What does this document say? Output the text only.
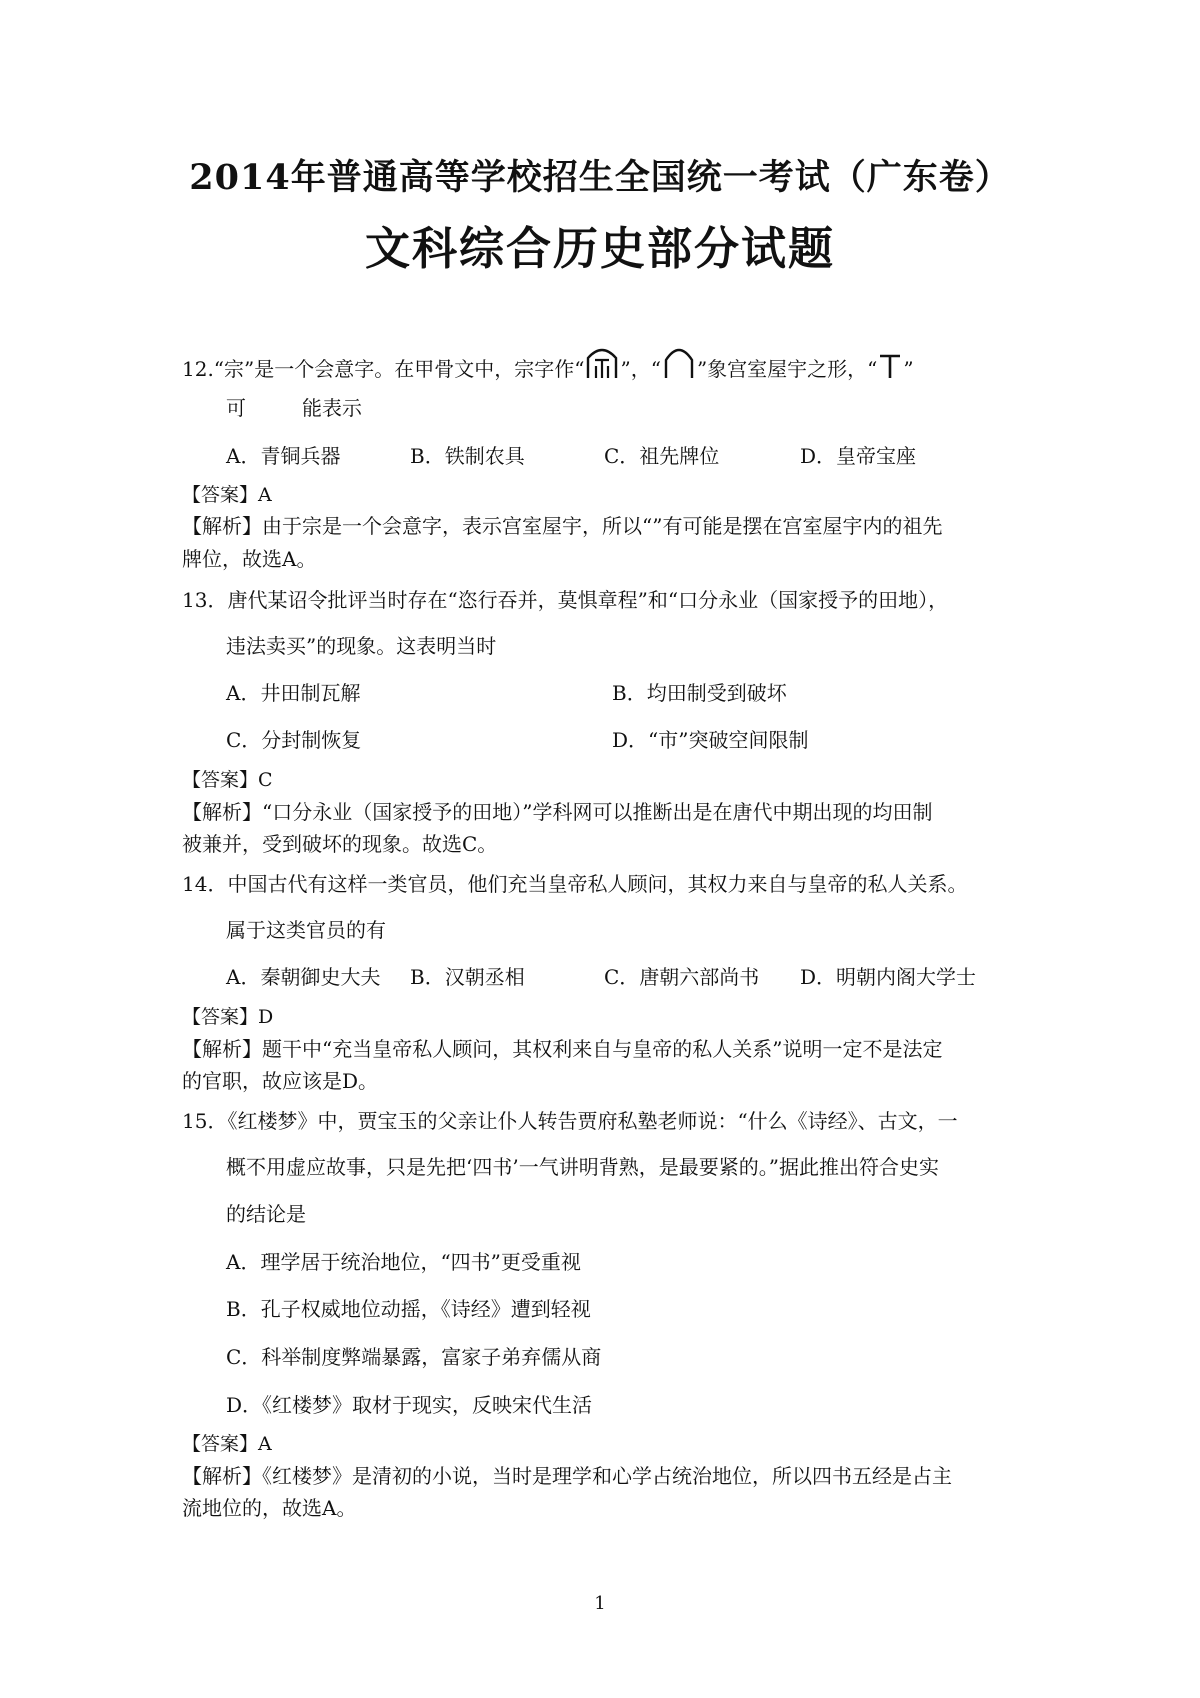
2014年普通高等学校招生全国统一考试（广东卷）
文科综合历史部分试题
12.“宗”是一个会意字。在甲骨文中，宗字作“ ”，“ ”象宫室屋宇之形，“ ”
可	能表示
A．青铜兵器	B．铁制农具	C．祖先牌位	D．皇帝宝座
【答案】A
【解析】由于宗是一个会意字，表示宫室屋宇，所以“”有可能是摆在宫室屋宇内的祖先
牌位，故选A。
13．唐代某诏令批评当时存在“恣行吞并，莫惧章程”和“口分永业（国家授予的田地），
违法卖买”的现象。这表明当时
A．井田制瓦解	B．均田制受到破坏
C．分封制恢复	D．“市”突破空间限制
【答案】C
【解析】“口分永业（国家授予的田地）”学科网可以推断出是在唐代中期出现的均田制
被兼并，受到破坏的现象。故选C。
14．中国古代有这样一类官员，他们充当皇帝私人顾问，其权力来自与皇帝的私人关系。
属于这类官员的有
A．秦朝御史大夫 B．汉朝丞相	C．唐朝六部尚书 D．明朝内阁大学士
【答案】D
【解析】题干中“充当皇帝私人顾问，其权利来自与皇帝的私人关系”说明一定不是法定
的官职，故应该是D。
15．《红楼梦》中，贾宝玉的父亲让仆人转告贾府私塾老师说：“什么《诗经》、古文，一
概不用虚应故事，只是先把‘四书’一气讲明背熟，是最要紧的。”据此推出符合史实
的结论是
A．理学居于统治地位，“四书”更受重视
B．孔子权威地位动摇，《诗经》遭到轻视
C．科举制度弊端暴露，富家子弟弃儒从商
D．《红楼梦》取材于现实，反映宋代生活
【答案】A
【解析】《红楼梦》是清初的小说，当时是理学和心学占统治地位，所以四书五经是占主
流地位的，故选A。
1
